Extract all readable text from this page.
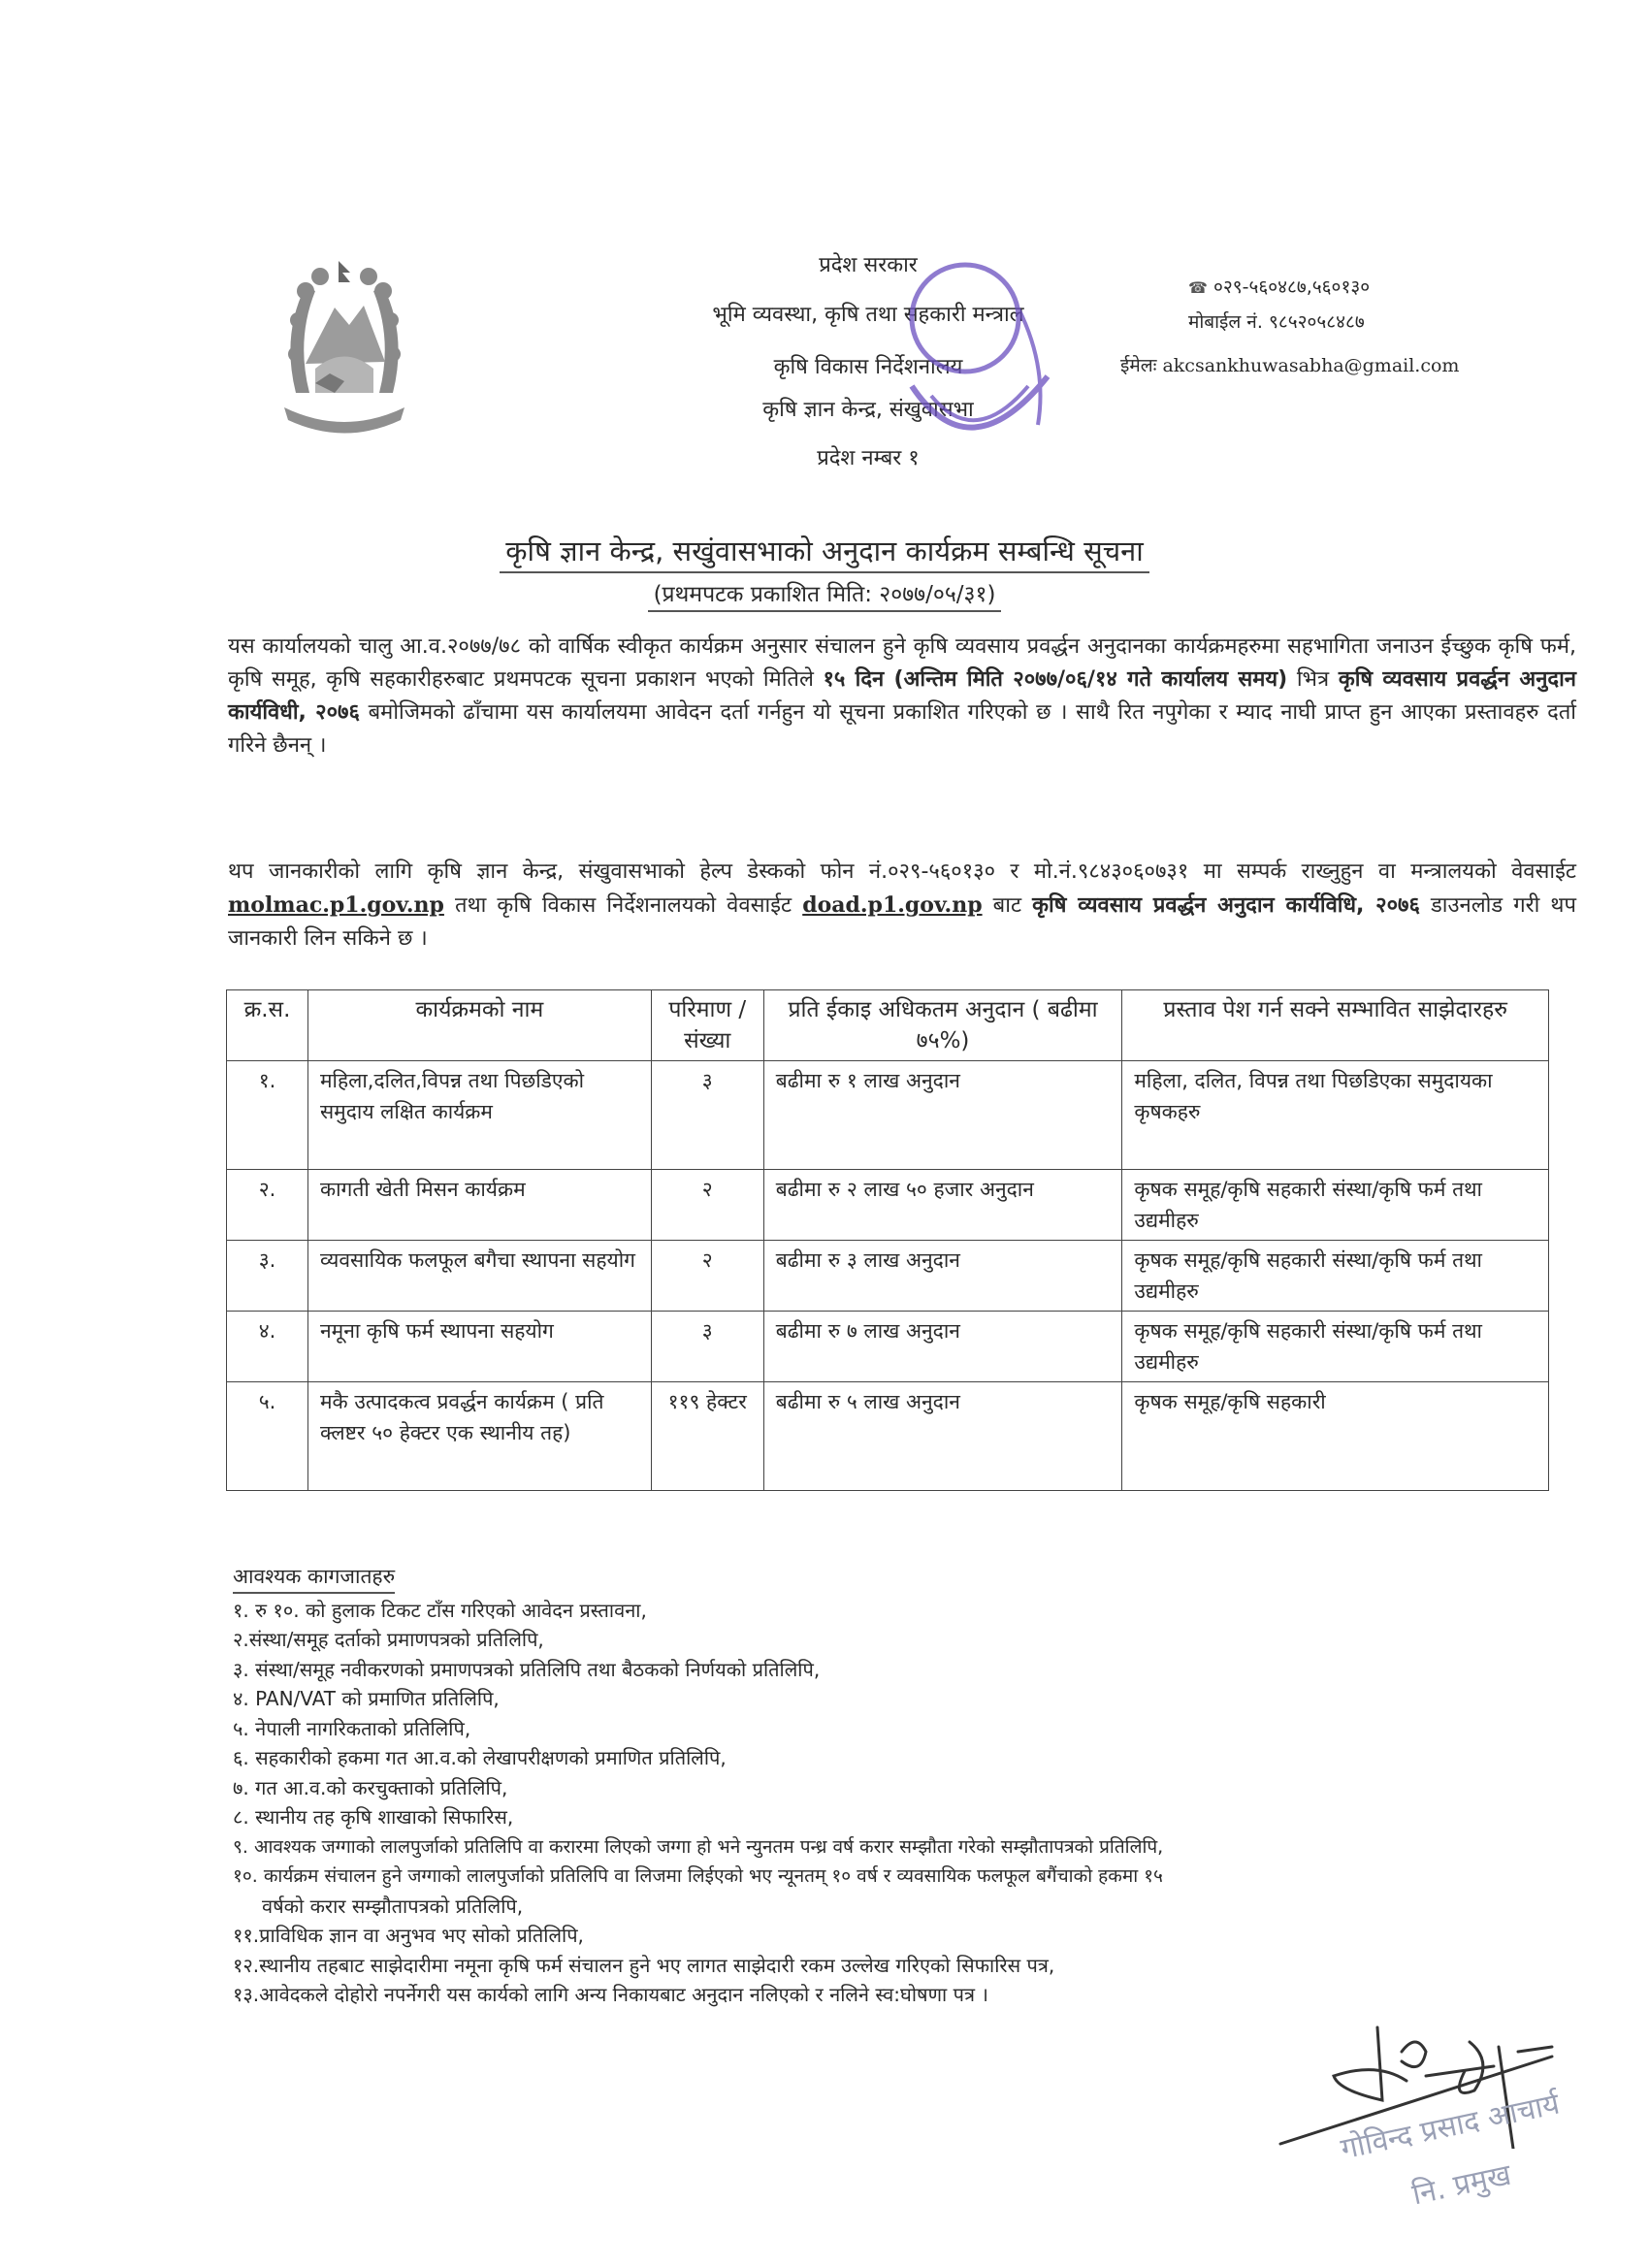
प्रदेश सरकार
भूमि व्यवस्था, कृषि तथा सहकारी मन्त्राल
कृषि विकास निर्देशनालय
कृषि ज्ञान केन्द्र, संखुवासभा
प्रदेश नम्बर १
☎ ०२९-५६०४८७,५६०१३०
मोबाईल नं. ९८५२०५८४८७
ईमेलः akcsankhuwasabha@gmail.com
कृषि ज्ञान केन्द्र, सखुंवासभाको अनुदान कार्यक्रम सम्बन्धि सूचना
(प्रथमपटक प्रकाशित मिति: २०७७/०५/३१)
यस कार्यालयको चालु आ.व.२०७७/७८ को वार्षिक स्वीकृत कार्यक्रम अनुसार संचालन हुने कृषि व्यवसाय प्रवर्द्धन अनुदानका कार्यक्रमहरुमा सहभागिता जनाउन ईच्छुक कृषि फर्म, कृषि समूह, कृषि सहकारीहरुबाट प्रथमपटक सूचना प्रकाशन भएको मितिले १५ दिन (अन्तिम मिति २०७७/०६/१४ गते कार्यालय समय) भित्र कृषि व्यवसाय प्रवर्द्धन अनुदान कार्यविधी, २०७६ बमोजिमको ढाँचामा यस कार्यालयमा आवेदन दर्ता गर्नहुन यो सूचना प्रकाशित गरिएको छ । साथै रित नपुगेका र म्याद नाघी प्राप्त हुन आएका प्रस्तावहरु दर्ता गरिने छैनन् ।
थप जानकारीको लागि कृषि ज्ञान केन्द्र, संखुवासभाको हेल्प डेस्कको फोन नं.०२९-५६०१३० र मो.नं.९८४३०६०७३१ मा सम्पर्क राख्नुहुन वा मन्त्रालयको वेवसाईट molmac.p1.gov.np तथा कृषि विकास निर्देशनालयको वेवसाईट doad.p1.gov.np बाट कृषि व्यवसाय प्रवर्द्धन अनुदान कार्यविधि, २०७६ डाउनलोड गरी थप जानकारी लिन सकिने छ ।
क्र.स.	कार्यक्रमको नाम	परिमाण /संख्या	प्रति ईकाइ अधिकतम अनुदान ( बढीमा ७५%)	प्रस्ताव पेश गर्न सक्ने सम्भावित साझेदारहरु
१.	महिला,दलित,विपन्न तथा पिछडिएको समुदाय लक्षित कार्यक्रम	३	बढीमा रु १ लाख अनुदान	महिला, दलित, विपन्न तथा पिछडिएका समुदायका कृषकहरु
२.	कागती खेती मिसन कार्यक्रम	२	बढीमा रु २ लाख ५० हजार अनुदान	कृषक समूह/कृषि सहकारी संस्था/कृषि फर्म तथा उद्यमीहरु
३.	व्यवसायिक फलफूल बगैचा स्थापना सहयोग	२	बढीमा रु ३ लाख अनुदान	कृषक समूह/कृषि सहकारी संस्था/कृषि फर्म तथा उद्यमीहरु
४.	नमूना कृषि फर्म स्थापना सहयोग	३	बढीमा रु ७ लाख अनुदान	कृषक समूह/कृषि सहकारी संस्था/कृषि फर्म तथा उद्यमीहरु
५.	मकै उत्पादकत्व प्रवर्द्धन कार्यक्रम ( प्रति क्लष्टर ५० हेक्टर एक स्थानीय तह)	११९ हेक्टर	बढीमा रु ५ लाख अनुदान	कृषक समूह/कृषि सहकारी
आवश्यक कागजातहरु
१. रु १०. को हुलाक टिकट टाँस गरिएको आवेदन प्रस्तावना,
२.संस्था/समूह दर्ताको प्रमाणपत्रको प्रतिलिपि,
३. संस्था/समूह नवीकरणको प्रमाणपत्रको प्रतिलिपि तथा बैठकको निर्णयको प्रतिलिपि,
४. PAN/VAT को प्रमाणित प्रतिलिपि,
५. नेपाली नागरिकताको प्रतिलिपि,
६. सहकारीको हकमा गत आ.व.को लेखापरीक्षणको प्रमाणित प्रतिलिपि,
७. गत आ.व.को करचुक्ताको प्रतिलिपि,
८. स्थानीय तह कृषि शाखाको सिफारिस,
९. आवश्यक जग्गाको लालपुर्जाको प्रतिलिपि वा करारमा लिएको जग्गा हो भने न्युनतम पन्ध्र वर्ष करार सम्झौता गरेको सम्झौतापत्रको प्रतिलिपि,
१०. कार्यक्रम संचालन हुने जग्गाको लालपुर्जाको प्रतिलिपि वा लिजमा लिईएको भए न्यूनतम् १० वर्ष र व्यवसायिक फलफूल बगैंचाको हकमा १५
वर्षको करार सम्झौतापत्रको प्रतिलिपि,
११.प्राविधिक ज्ञान वा अनुभव भए सोको प्रतिलिपि,
१२.स्थानीय तहबाट साझेदारीमा नमूना कृषि फर्म संचालन हुने भए लागत साझेदारी रकम उल्लेख गरिएको सिफारिस पत्र,
१३.आवेदकले दोहोरो नपर्नेगरी यस कार्यको लागि अन्य निकायबाट अनुदान नलिएको र नलिने स्व:घोषणा पत्र ।
गोविन्द प्रसाद आचार्य
नि. प्रमुख
